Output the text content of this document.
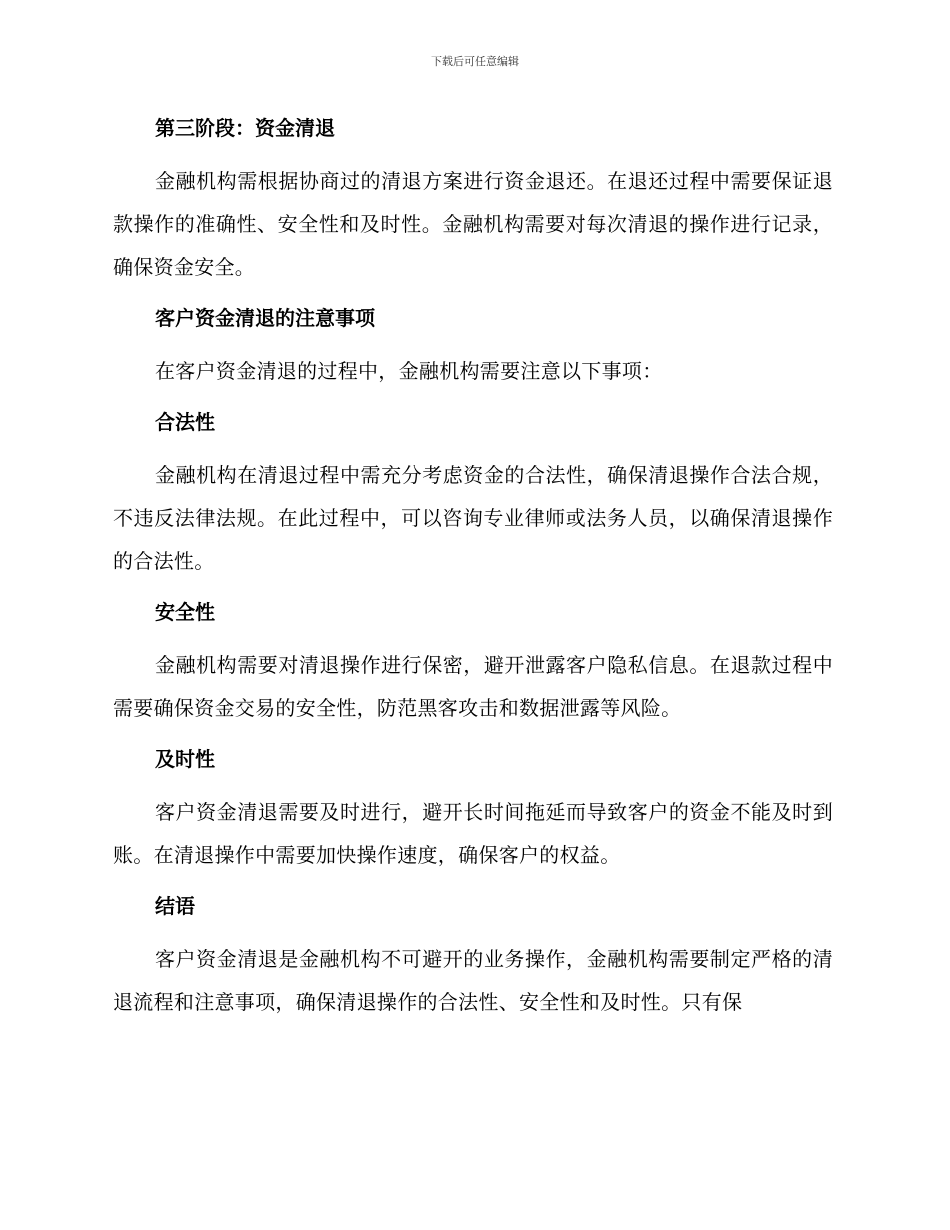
下载后可任意编辑
第三阶段：资金清退

金融机构需根据协商过的清退方案进行资金退还。在退还过程中需要保证退款操作的准确性、安全性和及时性。金融机构需要对每次清退的操作进行记录，确保资金安全。

客户资金清退的注意事项

在客户资金清退的过程中，金融机构需要注意以下事项：

合法性

金融机构在清退过程中需充分考虑资金的合法性，确保清退操作合法合规，不违反法律法规。在此过程中，可以咨询专业律师或法务人员，以确保清退操作的合法性。

安全性

金融机构需要对清退操作进行保密，避开泄露客户隐私信息。在退款过程中需要确保资金交易的安全性，防范黑客攻击和数据泄露等风险。

及时性

客户资金清退需要及时进行，避开长时间拖延而导致客户的资金不能及时到账。在清退操作中需要加快操作速度，确保客户的权益。

结语

客户资金清退是金融机构不可避开的业务操作，金融机构需要制定严格的清退流程和注意事项，确保清退操作的合法性、安全性和及时性。只有保
